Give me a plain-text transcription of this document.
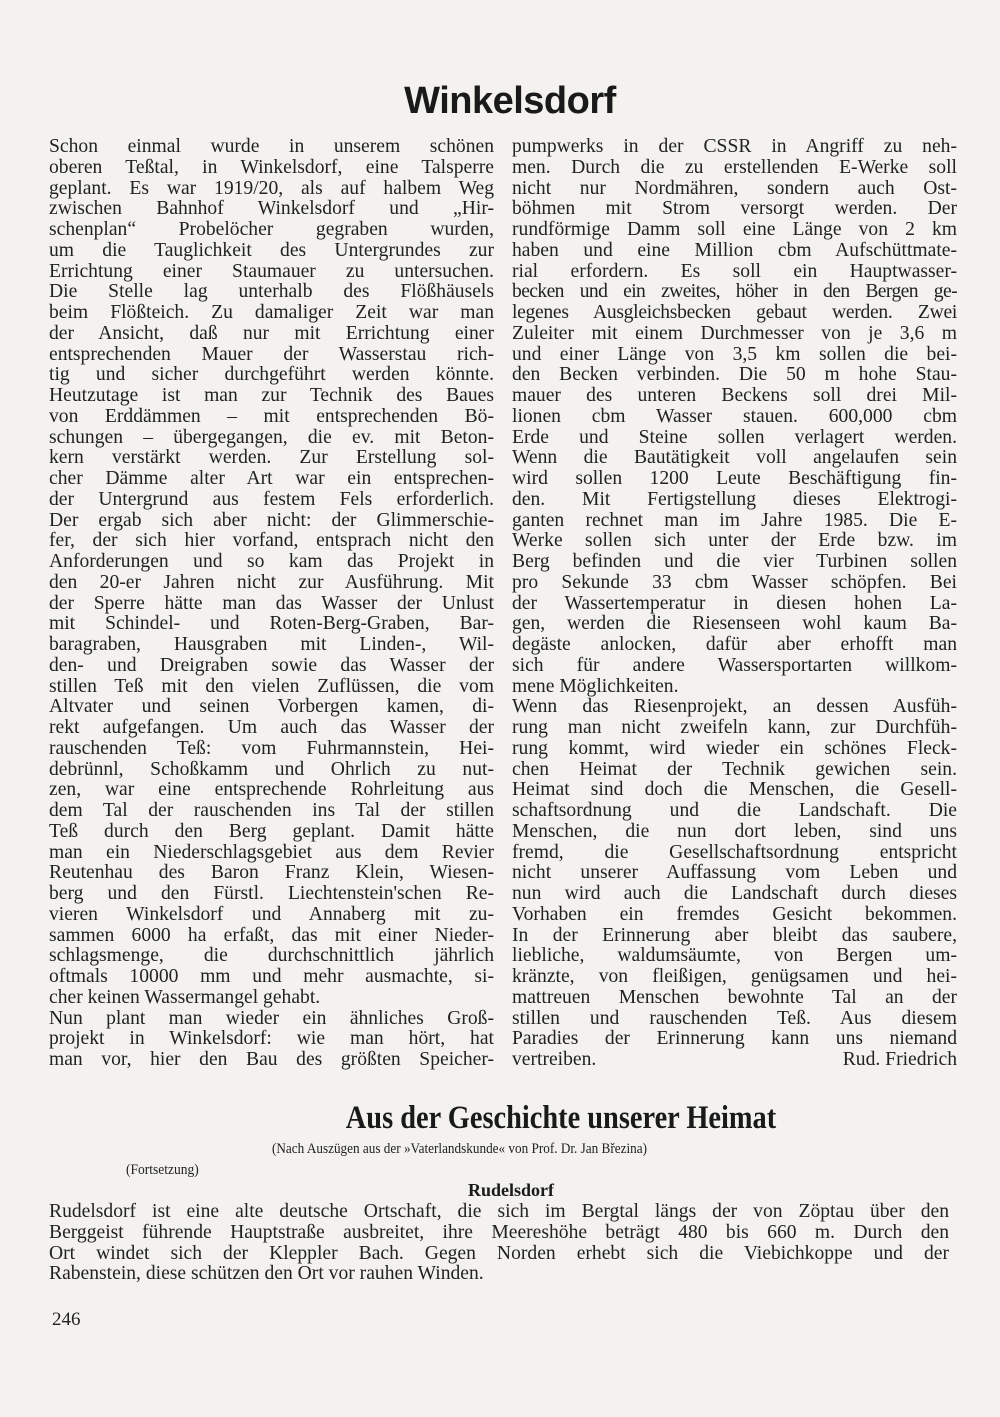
Winkelsdorf
Schon einmal wurde in unserem schönen
oberen Teßtal, in Winkelsdorf, eine Talsperre
geplant. Es war 1919/20, als auf halbem Weg
zwischen Bahnhof Winkelsdorf und „Hir-
schenplan“ Probelöcher gegraben wurden,
um die Tauglichkeit des Untergrundes zur
Errichtung einer Staumauer zu untersuchen.
Die Stelle lag unterhalb des Flößhäusels
beim Flößteich. Zu damaliger Zeit war man
der Ansicht, daß nur mit Errichtung einer
entsprechenden Mauer der Wasserstau rich-
tig und sicher durchgeführt werden könnte.
Heutzutage ist man zur Technik des Baues
von Erddämmen – mit entsprechenden Bö-
schungen – übergegangen, die ev. mit Beton-
kern verstärkt werden. Zur Erstellung sol-
cher Dämme alter Art war ein entsprechen-
der Untergrund aus festem Fels erforderlich.
Der ergab sich aber nicht: der Glimmerschie-
fer, der sich hier vorfand, entsprach nicht den
Anforderungen und so kam das Projekt in
den 20-er Jahren nicht zur Ausführung. Mit
der Sperre hätte man das Wasser der Unlust
mit Schindel- und Roten-Berg-Graben, Bar-
baragraben, Hausgraben mit Linden-, Wil-
den- und Dreigraben sowie das Wasser der
stillen Teß mit den vielen Zuflüssen, die vom
Altvater und seinen Vorbergen kamen, di-
rekt aufgefangen. Um auch das Wasser der
rauschenden Teß: vom Fuhrmannstein, Hei-
debrünnl, Schoßkamm und Ohrlich zu nut-
zen, war eine entsprechende Rohrleitung aus
dem Tal der rauschenden ins Tal der stillen
Teß durch den Berg geplant. Damit hätte
man ein Niederschlagsgebiet aus dem Revier
Reutenhau des Baron Franz Klein, Wiesen-
berg und den Fürstl. Liechtenstein'schen Re-
vieren Winkelsdorf und Annaberg mit zu-
sammen 6000 ha erfaßt, das mit einer Nieder-
schlagsmenge, die durchschnittlich jährlich
oftmals 10000 mm und mehr ausmachte, si-
cher keinen Wassermangel gehabt.
Nun plant man wieder ein ähnliches Groß-
projekt in Winkelsdorf: wie man hört, hat
man vor, hier den Bau des größten Speicher-
pumpwerks in der CSSR in Angriff zu neh-
men. Durch die zu erstellenden E-Werke soll
nicht nur Nordmähren, sondern auch Ost-
böhmen mit Strom versorgt werden. Der
rundförmige Damm soll eine Länge von 2 km
haben und eine Million cbm Aufschüttmate-
rial erfordern. Es soll ein Hauptwasser-
becken und ein zweites, höher in den Bergen ge-
legenes Ausgleichsbecken gebaut werden. Zwei
Zuleiter mit einem Durchmesser von je 3,6 m
und einer Länge von 3,5 km sollen die bei-
den Becken verbinden. Die 50 m hohe Stau-
mauer des unteren Beckens soll drei Mil-
lionen cbm Wasser stauen. 600,000 cbm
Erde und Steine sollen verlagert werden.
Wenn die Bautätigkeit voll angelaufen sein
wird sollen 1200 Leute Beschäftigung fin-
den. Mit Fertigstellung dieses Elektrogi-
ganten rechnet man im Jahre 1985. Die E-
Werke sollen sich unter der Erde bzw. im
Berg befinden und die vier Turbinen sollen
pro Sekunde 33 cbm Wasser schöpfen. Bei
der Wassertemperatur in diesen hohen La-
gen, werden die Riesenseen wohl kaum Ba-
degäste anlocken, dafür aber erhofft man
sich für andere Wassersportarten willkom-
mene Möglichkeiten.
Wenn das Riesenprojekt, an dessen Ausfüh-
rung man nicht zweifeln kann, zur Durchfüh-
rung kommt, wird wieder ein schönes Fleck-
chen Heimat der Technik gewichen sein.
Heimat sind doch die Menschen, die Gesell-
schaftsordnung und die Landschaft. Die
Menschen, die nun dort leben, sind uns
fremd, die Gesellschaftsordnung entspricht
nicht unserer Auffassung vom Leben und
nun wird auch die Landschaft durch dieses
Vorhaben ein fremdes Gesicht bekommen.
In der Erinnerung aber bleibt das saubere,
liebliche, waldumsäumte, von Bergen um-
kränzte, von fleißigen, genügsamen und hei-
mattreuen Menschen bewohnte Tal an der
stillen und rauschenden Teß. Aus diesem
Paradies der Erinnerung kann uns niemand
vertreiben.	Rud. Friedrich
Aus der Geschichte unserer Heimat
(Nach Auszügen aus der »Vaterlandskunde« von Prof. Dr. Jan Březina)
(Fortsetzung)
Rudelsdorf
Rudelsdorf ist eine alte deutsche Ortschaft, die sich im Bergtal längs der von Zöptau über den
Berggeist führende Hauptstraße ausbreitet, ihre Meereshöhe beträgt 480 bis 660 m. Durch den
Ort windet sich der Kleppler Bach. Gegen Norden erhebt sich die Viebichkoppe und der
Rabenstein, diese schützen den Ort vor rauhen Winden.
246
